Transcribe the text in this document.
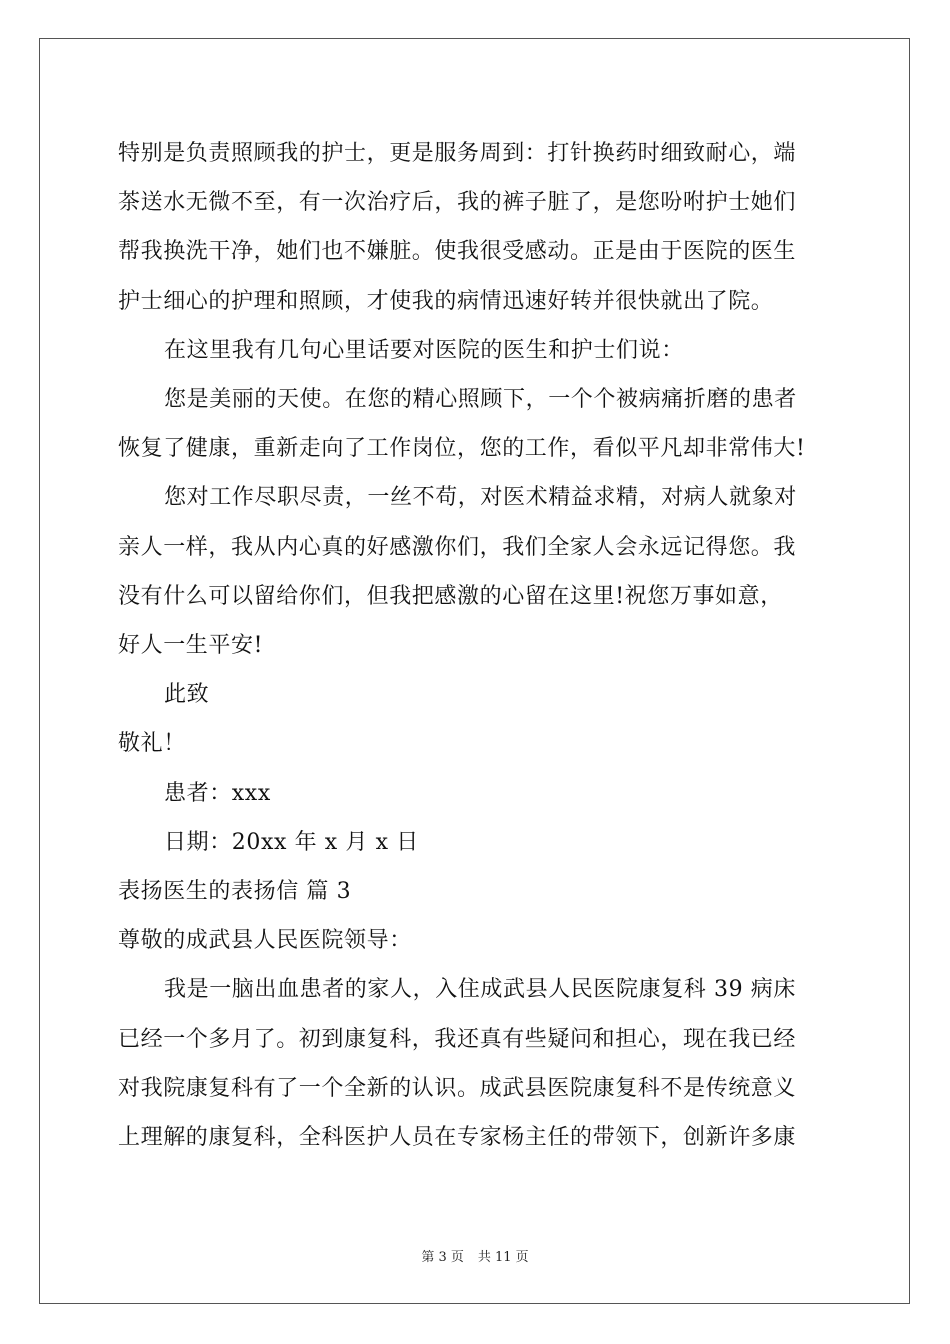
特别是负责照顾我的护士，更是服务周到：打针换药时细致耐心，端
茶送水无微不至，有一次治疗后，我的裤子脏了，是您吩咐护士她们
帮我换洗干净，她们也不嫌脏。使我很受感动。正是由于医院的医生
护士细心的护理和照顾，才使我的病情迅速好转并很快就出了院。
在这里我有几句心里话要对医院的医生和护士们说：
您是美丽的天使。在您的精心照顾下，一个个被病痛折磨的患者
恢复了健康，重新走向了工作岗位，您的工作，看似平凡却非常伟大!
您对工作尽职尽责，一丝不苟，对医术精益求精，对病人就象对
亲人一样，我从内心真的好感激你们，我们全家人会永远记得您。我
没有什么可以留给你们，但我把感激的心留在这里!祝您万事如意，
好人一生平安!
此致
敬礼！
患者：xxx
日期：20xx 年 x 月 x 日
表扬医生的表扬信 篇 3
尊敬的成武县人民医院领导：
我是一脑出血患者的家人，入住成武县人民医院康复科 39 病床
已经一个多月了。初到康复科，我还真有些疑问和担心，现在我已经
对我院康复科有了一个全新的认识。成武县医院康复科不是传统意义
上理解的康复科，全科医护人员在专家杨主任的带领下，创新许多康
第 3 页 共 11 页
